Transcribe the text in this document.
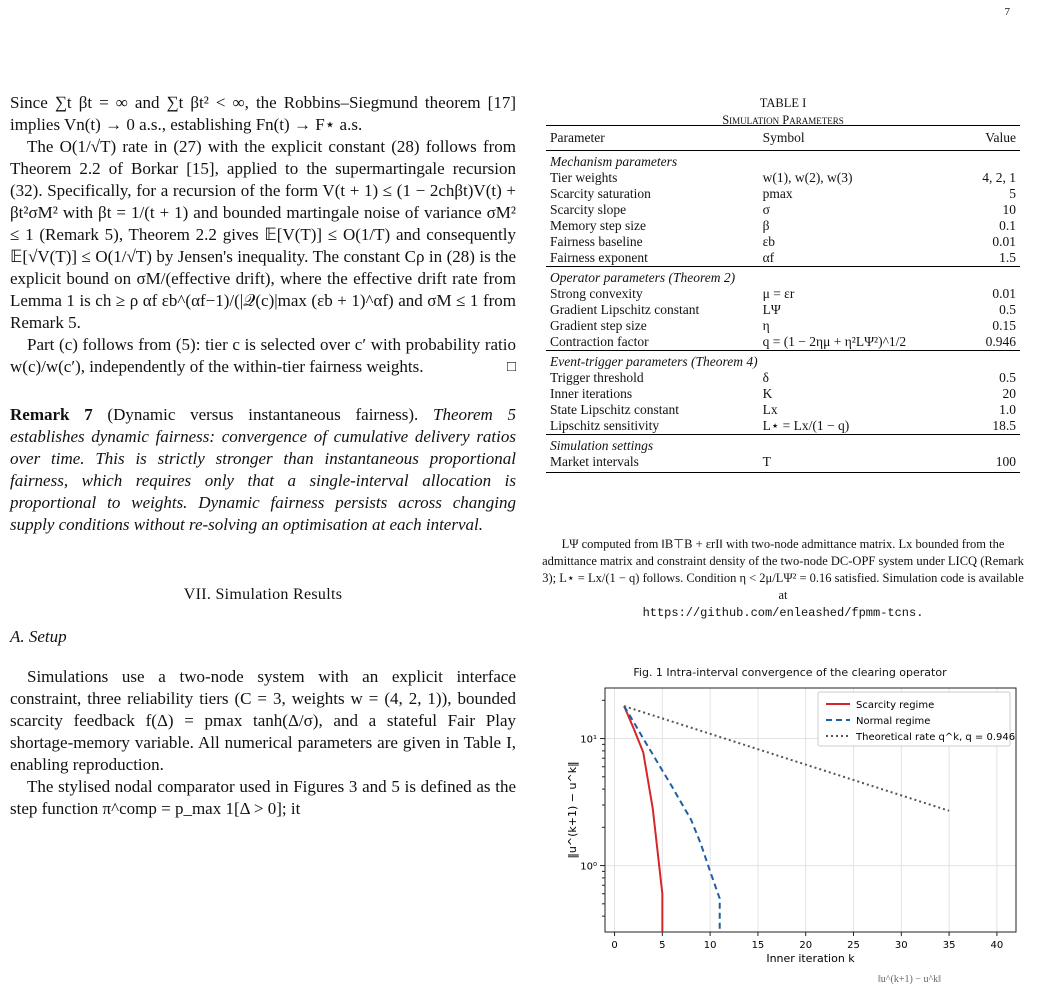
7

Since ∑t βt = ∞ and ∑t βt² < ∞, the Robbins–Siegmund theorem [17] implies Vn(t) → 0 a.s., establishing Fn(t) → F⋆ a.s.

The O(1/√T) rate in (27) with the explicit constant (28) follows from Theorem 2.2 of Borkar [15], applied to the supermartingale recursion (32). Specifically, for a recursion of the form V(t + 1) ≤ (1 − 2chβt)V(t) + βt²σM² with βt = 1/(t + 1) and bounded martingale noise of variance σM² ≤ 1 (Remark 5), Theorem 2.2 gives 𝔼[V(T)] ≤ O(1/T) and consequently 𝔼[√V(T)] ≤ O(1/√T) by Jensen's inequality. The constant Cρ in (28) is the explicit bound on σM/(effective drift), where the effective drift rate from Lemma 1 is ch ≥ ρ αf εb^(αf−1)/(|𝒬(c)|max (εb + 1)^αf) and σM ≤ 1 from Remark 5.

Part (c) follows from (5): tier c is selected over c′ with probability ratio w(c)/w(c′), independently of the within-tier fairness weights.	□

Remark 7 (Dynamic versus instantaneous fairness). Theorem 5 establishes dynamic fairness: convergence of cumulative delivery ratios over time. This is strictly stronger than instantaneous proportional fairness, which requires only that a single-interval allocation is proportional to weights. Dynamic fairness persists across changing supply conditions without re-solving an optimisation at each interval.

VII. Simulation Results

A. Setup

Simulations use a two-node system with an explicit interface constraint, three reliability tiers (C = 3, weights w = (4, 2, 1)), bounded scarcity feedback f(Δ) = pmax tanh(Δ/σ), and a stateful Fair Play shortage-memory variable. All numerical parameters are given in Table I, enabling reproduction.

The stylised nodal comparator used in Figures 3 and 5 is defined as the step function π^comp = p_max 1[Δ > 0]; it

TABLE I
Simulation Parameters
Parameter	Symbol	Value
Mechanism parameters		
Tier weights	w(1), w(2), w(3)	4, 2, 1
Scarcity saturation	pmax	5
Scarcity slope	σ	10
Memory step size	β	0.1
Fairness baseline	εb	0.01
Fairness exponent	αf	1.5
Operator parameters (Theorem 2)		
Strong convexity	μ = εr	0.01
Gradient Lipschitz constant	LΨ	0.5
Gradient step size	η	0.15
Contraction factor	q = (1 − 2ημ + η²LΨ²)^1/2	0.946
Event-trigger parameters (Theorem 4)		
Trigger threshold	δ	0.5
Inner iterations	K	20
State Lipschitz constant	Lx	1.0
Lipschitz sensitivity	L⋆ = Lx/(1 − q)	18.5
Simulation settings		
Market intervals	T	100
LΨ computed from ‖B⊤B + εrI‖ with two-node admittance matrix. Lx bounded from the admittance matrix and constraint density of the two-node DC-OPF system under LICQ (Remark 3); L⋆ = Lx/(1 − q) follows. Condition η < 2μ/LΨ² = 0.16 satisfied. Simulation code is available at
https://github.com/enleashed/fpmm-tcns.
Fig. 1 Intra-interval convergence of the clearing operator
0	5	10	15	20	25	30	35	40
10⁰
10¹
Inner iteration k
‖u^(k+1) − u^k‖
Scarcity regime
Normal regime
Theoretical rate q^k, q = 0.946
‖u^(k+1) − u^k‖
